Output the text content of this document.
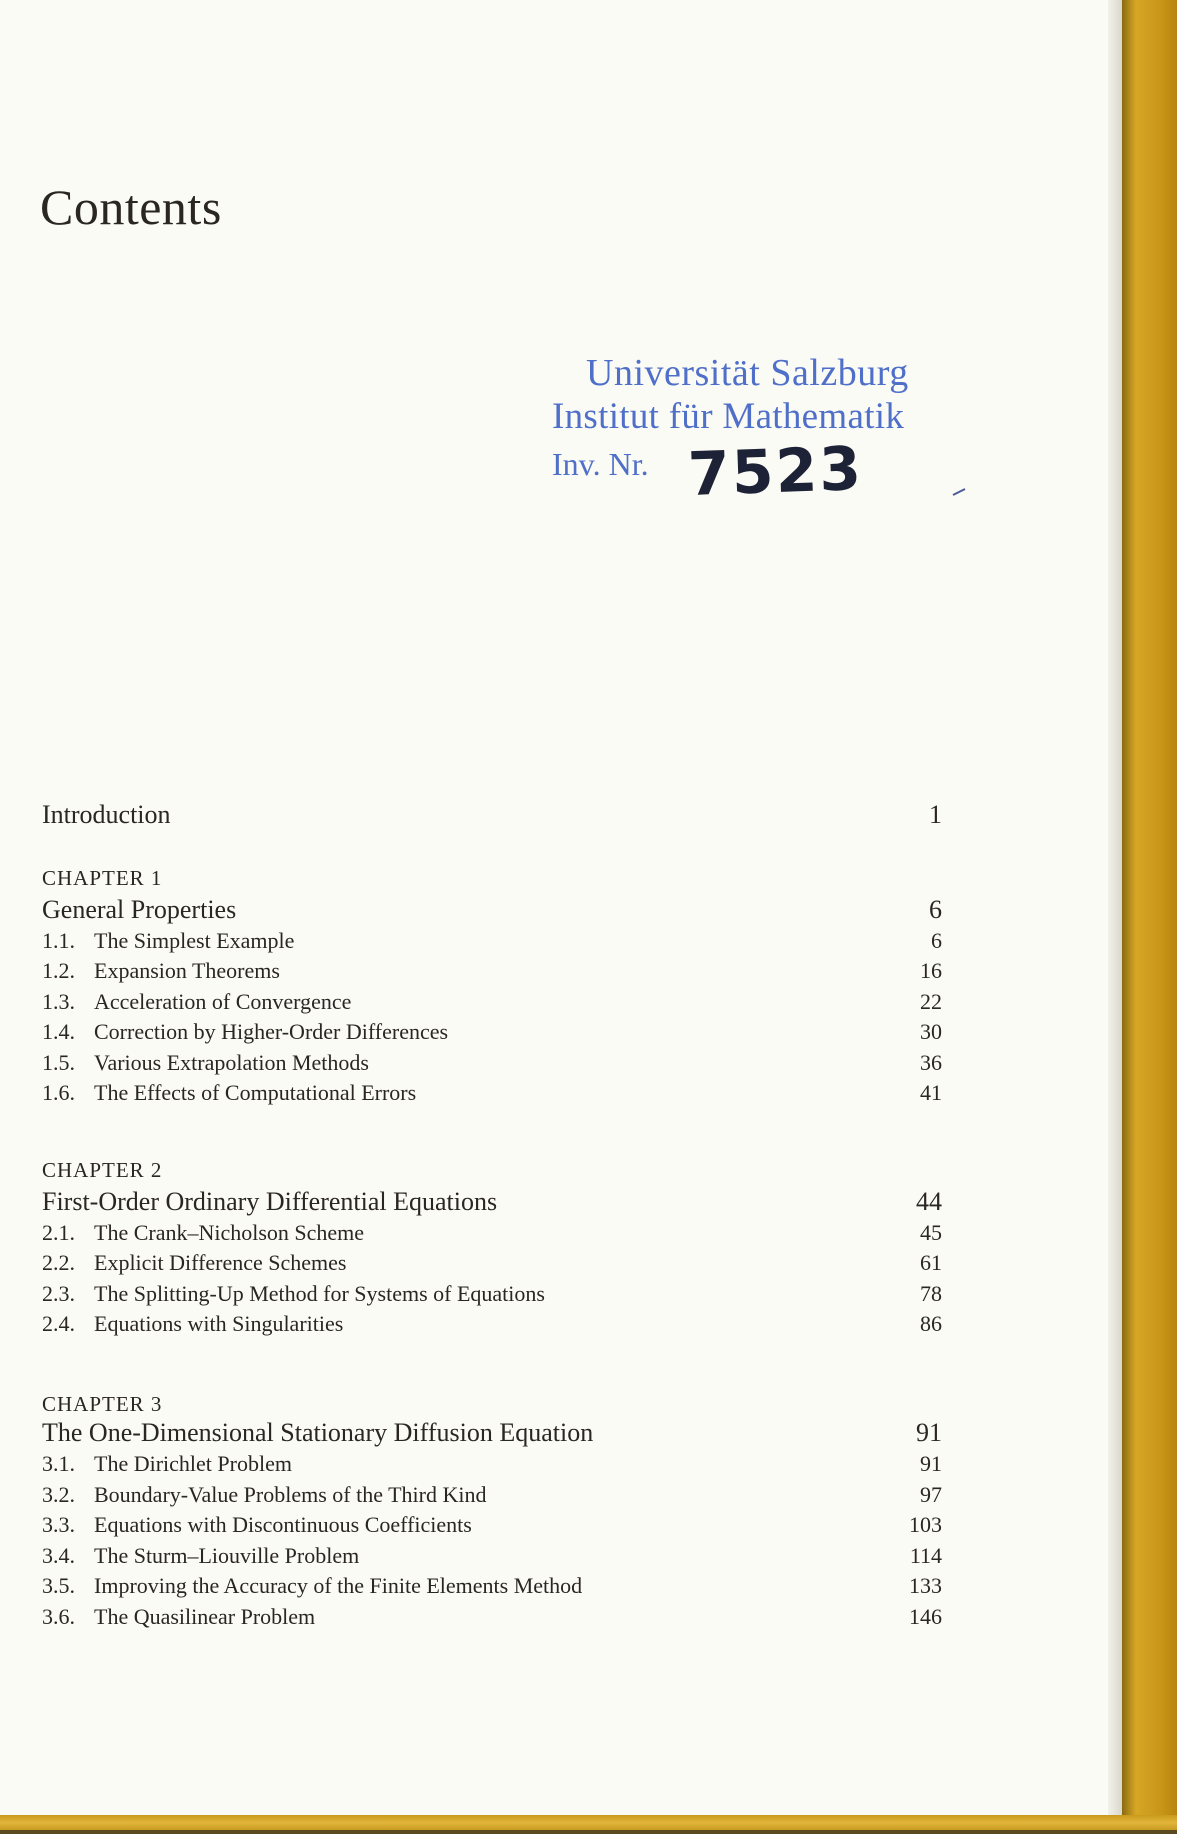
Contents
Universität Salzburg
Institut für Mathematik
Inv. Nr. 7523
Introduction	1
CHAPTER 1
General Properties	6
1.1. The Simplest Example	6
1.2. Expansion Theorems	16
1.3. Acceleration of Convergence	22
1.4. Correction by Higher-Order Differences	30
1.5. Various Extrapolation Methods	36
1.6. The Effects of Computational Errors	41
CHAPTER 2
First-Order Ordinary Differential Equations	44
2.1. The Crank–Nicholson Scheme	45
2.2. Explicit Difference Schemes	61
2.3. The Splitting-Up Method for Systems of Equations	78
2.4. Equations with Singularities	86
CHAPTER 3
The One-Dimensional Stationary Diffusion Equation	91
3.1. The Dirichlet Problem	91
3.2. Boundary-Value Problems of the Third Kind	97
3.3. Equations with Discontinuous Coefficients	103
3.4. The Sturm–Liouville Problem	114
3.5. Improving the Accuracy of the Finite Elements Method	133
3.6. The Quasilinear Problem	146
